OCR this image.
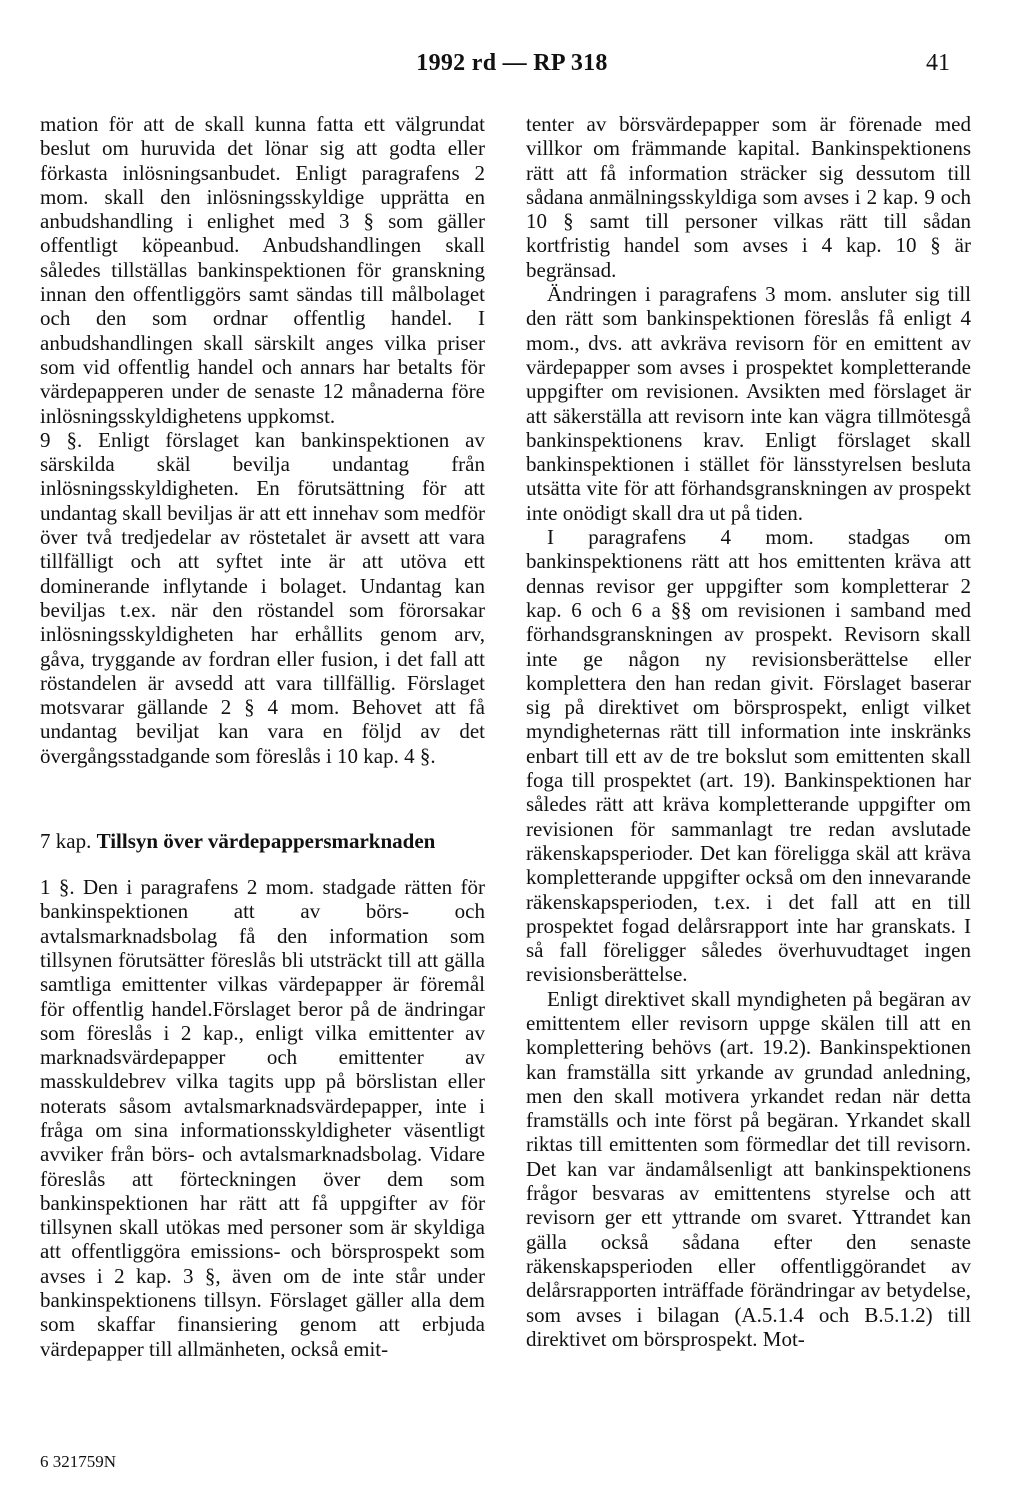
1992 rd — RP 318	41

mation för att de skall kunna fatta ett välgrundat beslut om huruvida det lönar sig att godta eller förkasta inlösningsanbudet. Enligt paragrafens 2 mom. skall den inlösningsskyldige upprätta en anbudshandling i enlighet med 3 § som gäller offentligt köpeanbud. Anbudshandlingen skall således tillställas bankinspektionen för granskning innan den offentliggörs samt sändas till målbolaget och den som ordnar offentlig handel. I anbudshandlingen skall särskilt anges vilka priser som vid offentlig handel och annars har betalts för värdepapperen under de senaste 12 månaderna före inlösningsskyldighetens uppkomst.

9 §. Enligt förslaget kan bankinspektionen av särskilda skäl bevilja undantag från inlösningsskyldigheten. En förutsättning för att undantag skall beviljas är att ett innehav som medför över två tredjedelar av röstetalet är avsett att vara tillfälligt och att syftet inte är att utöva ett dominerande inflytande i bolaget. Undantag kan beviljas t.ex. när den röstandel som förorsakar inlösningsskyldigheten har erhållits genom arv, gåva, tryggande av fordran eller fusion, i det fall att röstandelen är avsedd att vara tillfällig. Förslaget motsvarar gällande 2 § 4 mom. Behovet att få undantag beviljat kan vara en följd av det övergångsstadgande som föreslås i 10 kap. 4 §.

7 kap. Tillsyn över värdepappersmarknaden

1 §. Den i paragrafens 2 mom. stadgade rätten för bankinspektionen att av börs- och avtalsmarknadsbolag få den information som tillsynen förutsätter föreslås bli utsträckt till att gälla samtliga emittenter vilkas värdepapper är föremål för offentlig handel.Förslaget beror på de ändringar som föreslås i 2 kap., enligt vilka emittenter av marknadsvärdepapper och emittenter av masskuldebrev vilka tagits upp på börslistan eller noterats såsom avtalsmarknadsvärdepapper, inte i fråga om sina informationsskyldigheter väsentligt avviker från börs- och avtalsmarknadsbolag. Vidare föreslås att förteckningen över dem som bankinspektionen har rätt att få uppgifter av för tillsynen skall utökas med personer som är skyldiga att offentliggöra emissions- och börsprospekt som avses i 2 kap. 3 §, även om de inte står under bankinspektionens tillsyn. Förslaget gäller alla dem som skaffar finansiering genom att erbjuda värdepapper till allmänheten, också emit-

tenter av börsvärdepapper som är förenade med villkor om främmande kapital. Bankinspektionens rätt att få information sträcker sig dessutom till sådana anmälningsskyldiga som avses i 2 kap. 9 och 10 § samt till personer vilkas rätt till sådan kortfristig handel som avses i 4 kap. 10 § är begränsad.

Ändringen i paragrafens 3 mom. ansluter sig till den rätt som bankinspektionen föreslås få enligt 4 mom., dvs. att avkräva revisorn för en emittent av värdepapper som avses i prospektet kompletterande uppgifter om revisionen. Avsikten med förslaget är att säkerställa att revisorn inte kan vägra tillmötesgå bankinspektionens krav. Enligt förslaget skall bankinspektionen i stället för länsstyrelsen besluta utsätta vite för att förhandsgranskningen av prospekt inte onödigt skall dra ut på tiden.

I paragrafens 4 mom. stadgas om bankinspektionens rätt att hos emittenten kräva att dennas revisor ger uppgifter som kompletterar 2 kap. 6 och 6 a §§ om revisionen i samband med förhandsgranskningen av prospekt. Revisorn skall inte ge någon ny revisionsberättelse eller komplettera den han redan givit. Förslaget baserar sig på direktivet om börsprospekt, enligt vilket myndigheternas rätt till information inte inskränks enbart till ett av de tre bokslut som emittenten skall foga till prospektet (art. 19). Bankinspektionen har således rätt att kräva kompletterande uppgifter om revisionen för sammanlagt tre redan avslutade räkenskapsperioder. Det kan föreligga skäl att kräva kompletterande uppgifter också om den innevarande räkenskapsperioden, t.ex. i det fall att en till prospektet fogad delårsrapport inte har granskats. I så fall föreligger således överhuvudtaget ingen revisionsberättelse.

Enligt direktivet skall myndigheten på begäran av emittentem eller revisorn uppge skälen till att en komplettering behövs (art. 19.2). Bankinspektionen kan framställa sitt yrkande av grundad anledning, men den skall motivera yrkandet redan när detta framställs och inte först på begäran. Yrkandet skall riktas till emittenten som förmedlar det till revisorn. Det kan var ändamålsenligt att bankinspektionens frågor besvaras av emittentens styrelse och att revisorn ger ett yttrande om svaret. Yttrandet kan gälla också sådana efter den senaste räkenskapsperioden eller offentliggörandet av delårsrapporten inträffade förändringar av betydelse, som avses i bilagan (A.5.1.4 och B.5.1.2) till direktivet om börsprospekt. Mot-

6 321759N
